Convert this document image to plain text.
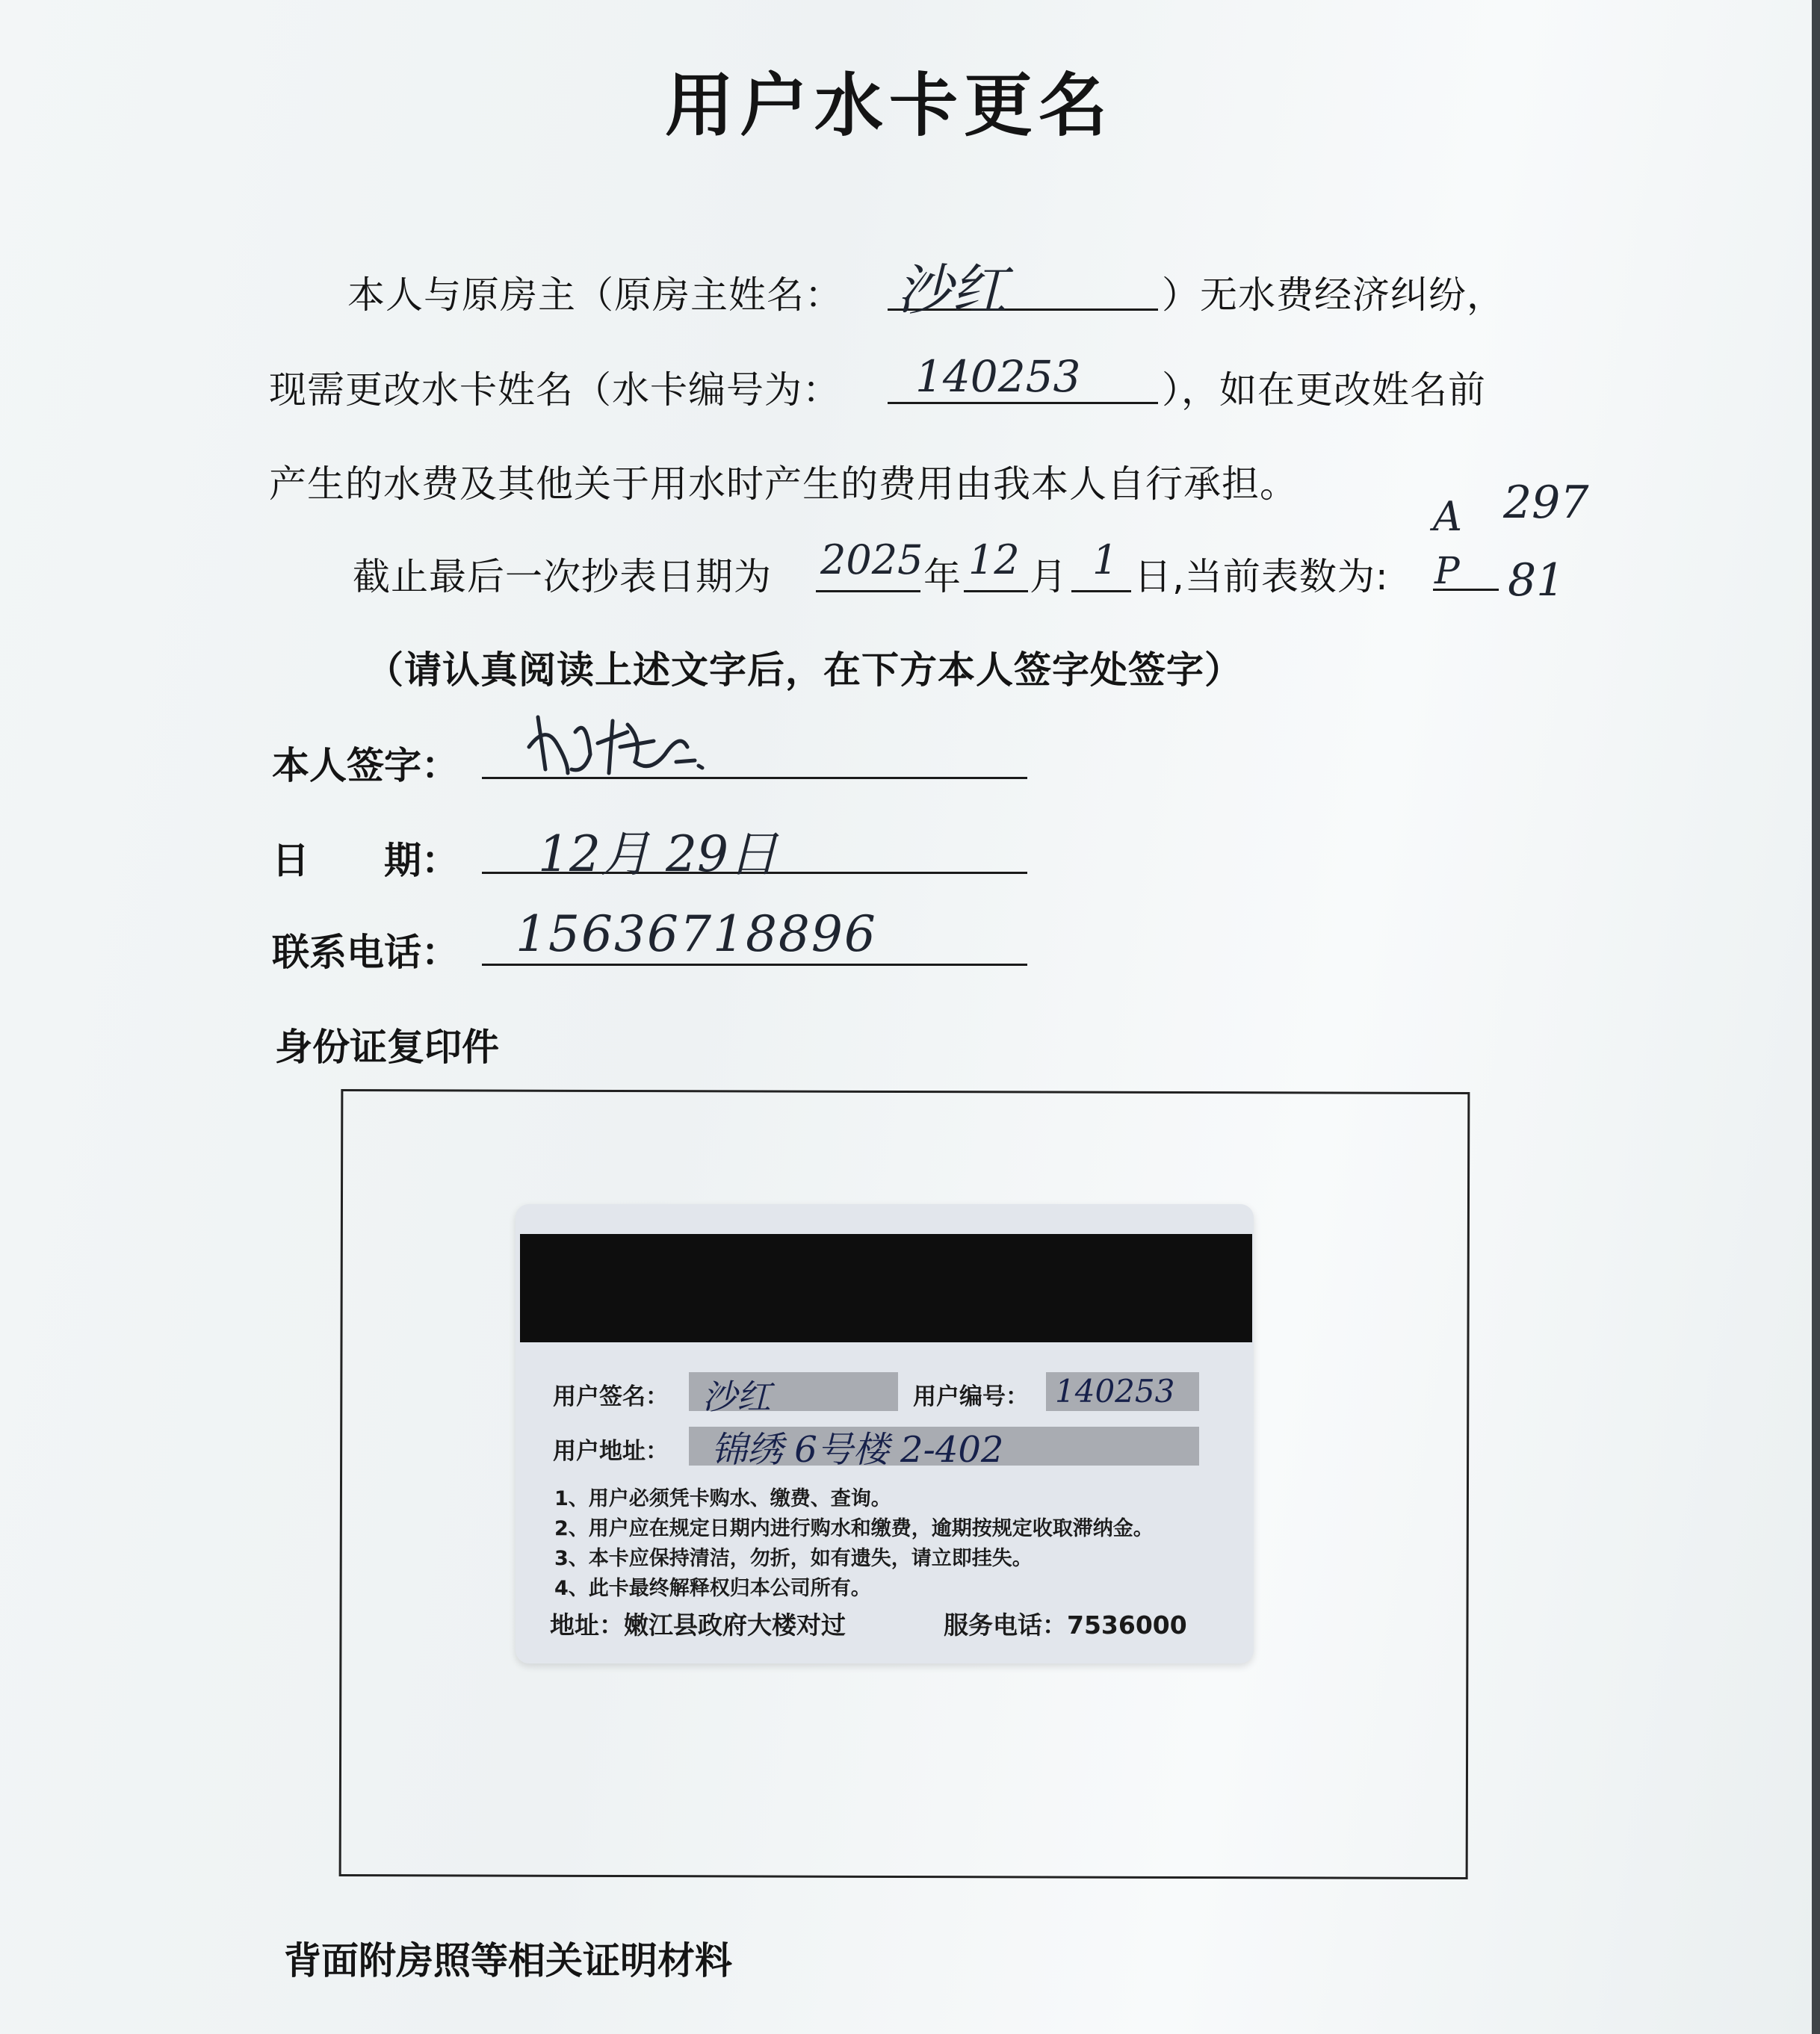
用户水卡更名
本人与原房主（原房主姓名： 沙红	）无水费经济纠纷，
现需更改水卡姓名（水卡编号为： 140253 ），如在更改姓名前
产生的水费及其他关于用水时产生的费用由我本人自行承担。
截止最后一次抄表日期为 2025 年 12 月 1 日,当前表数为:
A 297
P 81
（请认真阅读上述文字后，在下方本人签字处签字）
本人签字：
日　　期： 12月 29日
联系电话： 15636718896
身份证复印件
用户签名： 沙红	用户编号： 140253
用户地址： 锦绣 6号楼 2-402
1、用户必须凭卡购水、缴费、查询。
2、用户应在规定日期内进行购水和缴费，逾期按规定收取滞纳金。
3、本卡应保持清洁，勿折，如有遗失，请立即挂失。
4、此卡最终解释权归本公司所有。
地址：嫩江县政府大楼对过	服务电话：7536000
背面附房照等相关证明材料
